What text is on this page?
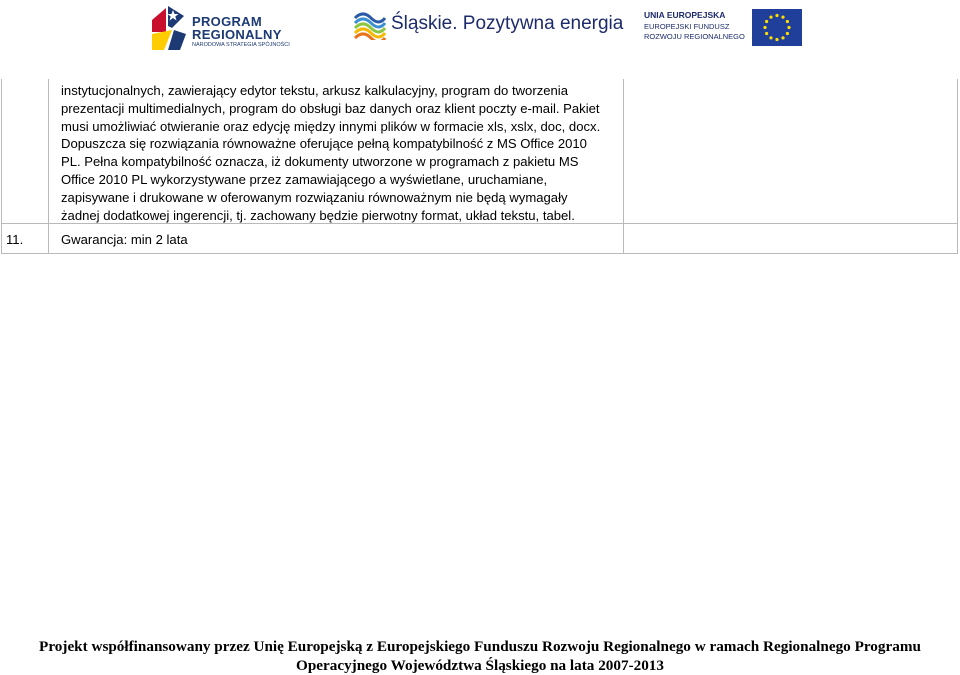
PROGRAM
REGIONALNY
NARODOWA STRATEGIA SPÓJNOŚCI
Śląskie. Pozytywna energia UNIA EUROPEJSKA
EUROPEJSKI FUNDUSZ
ROZWOJU REGIONALNEGO
instytucjonalnych, zawierający edytor tekstu, arkusz kalkulacyjny, program do tworzenia
prezentacji multimedialnych, program do obsługi baz danych oraz klient poczty e-mail. Pakiet
musi umożliwiać otwieranie oraz edycję między innymi plików w formacie xls, xslx, doc, docx.
Dopuszcza się rozwiązania równoważne oferujące pełną kompatybilność z MS Office 2010
PL. Pełna kompatybilność oznacza, iż dokumenty utworzone w programach z pakietu MS
Office 2010 PL wykorzystywane przez zamawiającego a wyświetlane, uruchamiane,
zapisywane i drukowane w oferowanym rozwiązaniu równoważnym nie będą wymagały
żadnej dodatkowej ingerencji, tj. zachowany będzie pierwotny format, układ tekstu, tabel.
11.	Gwarancja: min 2 lata
Projekt współfinansowany przez Unię Europejską z Europejskiego Funduszu Rozwoju Regionalnego w ramach Regionalnego Programu
Operacyjnego Województwa Śląskiego na lata 2007-2013
